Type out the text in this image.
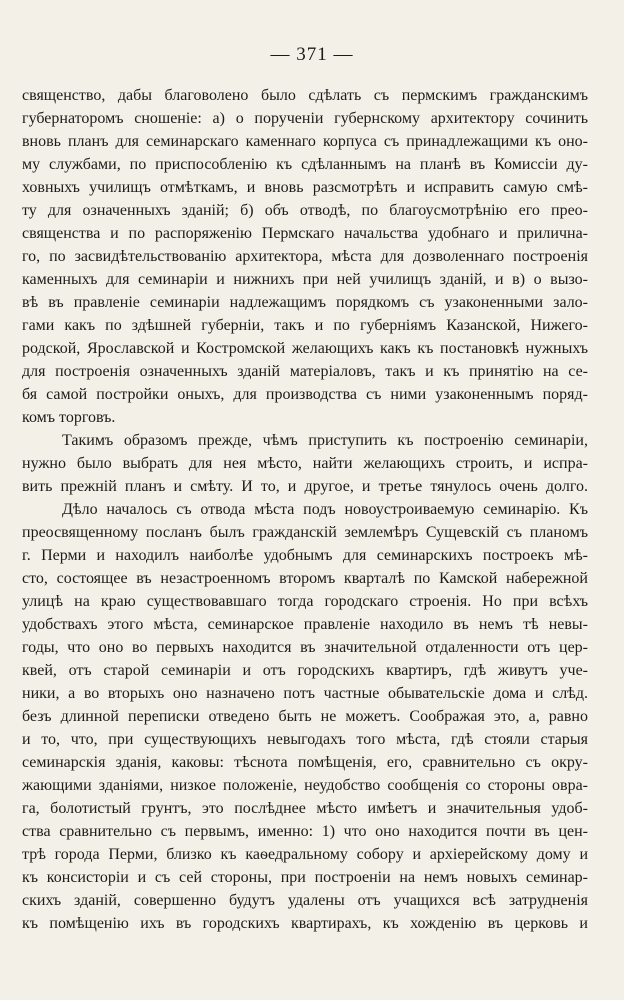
— 371 —
священство, дабы благоволено было сдѣлать съ пермскимъ гражданскимъ
губернаторомъ сношеніе: а) о порученіи губернскому архитектору сочинить
вновь планъ для семинарскаго каменнаго корпуса съ принадлежащими къ оно-
му службами, по приспособленію къ сдѣланнымъ на планѣ въ Комиссіи ду-
ховныхъ училищъ отмѣткамъ, и вновь разсмотрѣть и исправить самую смѣ-
ту для означенныхъ зданій; б) объ отводѣ, по благоусмотрѣнію его прео-
священства и по распоряженію Пермскаго начальства удобнаго и прилична-
го, по засвидѣтельствованію архитектора, мѣста для дозволеннаго построенія
каменныхъ для семинаріи и нижнихъ при ней училищъ зданій, и в) о вызо-
вѣ въ правленіе семинаріи надлежащимъ порядкомъ съ узаконенными зало-
гами какъ по здѣшней губерніи, такъ и по губерніямъ Казанской, Нижего-
родской, Ярославской и Костромской желающихъ какъ къ постановкѣ нужныхъ
для построенія означенныхъ зданій матеріаловъ, такъ и къ принятію на се-
бя самой постройки оныхъ, для производства съ ними узаконеннымъ поряд-
комъ торговъ.
Такимъ образомъ прежде, чѣмъ приступить къ построенію семинаріи,
нужно было выбрать для нея мѣсто, найти желающихъ строить, и испра-
вить прежній планъ и смѣту. И то, и другое, и третье тянулось очень долго.
Дѣло началось съ отвода мѣста подъ новоустроиваемую семинарію. Къ
преосвященному посланъ былъ гражданскій землемѣръ Сущевскій съ планомъ
г. Перми и находилъ наиболѣе удобнымъ для семинарскихъ построекъ мѣ-
сто, состоящее въ незастроенномъ второмъ кварталѣ по Камской набережной
улицѣ на краю существовавшаго тогда городскаго строенія. Но при всѣхъ
удобствахъ этого мѣста, семинарское правленіе находило въ немъ тѣ невы-
годы, что оно во первыхъ находится въ значительной отдаленности отъ цер-
квей, отъ старой семинаріи и отъ городскихъ квартиръ, гдѣ живутъ уче-
ники, а во вторыхъ оно назначено потъ частные обывательскіе дома и слѣд.
безъ длинной переписки отведено быть не можетъ. Соображая это, а, равно
и то, что, при существующихъ невыгодахъ того мѣста, гдѣ стояли старыя
семинарскія зданія, каковы: тѣснота помѣщенія, его, сравнительно съ окру-
жающими зданіями, низкое положеніе, неудобство сообщенія со стороны овра-
га, болотистый грунтъ, это послѣднее мѣсто имѣетъ и значительныя удоб-
ства сравнительно съ первымъ, именно: 1) что оно находится почти въ цен-
трѣ города Перми, близко къ каѳедральному собору и архіерейскому дому и
къ консисторіи и съ сей стороны, при построеніи на немъ новыхъ семинар-
скихъ зданій, совершенно будутъ удалены отъ учащихся всѣ затрудненія
къ помѣщенію ихъ въ городскихъ квартирахъ, къ хожденію въ церковь и
